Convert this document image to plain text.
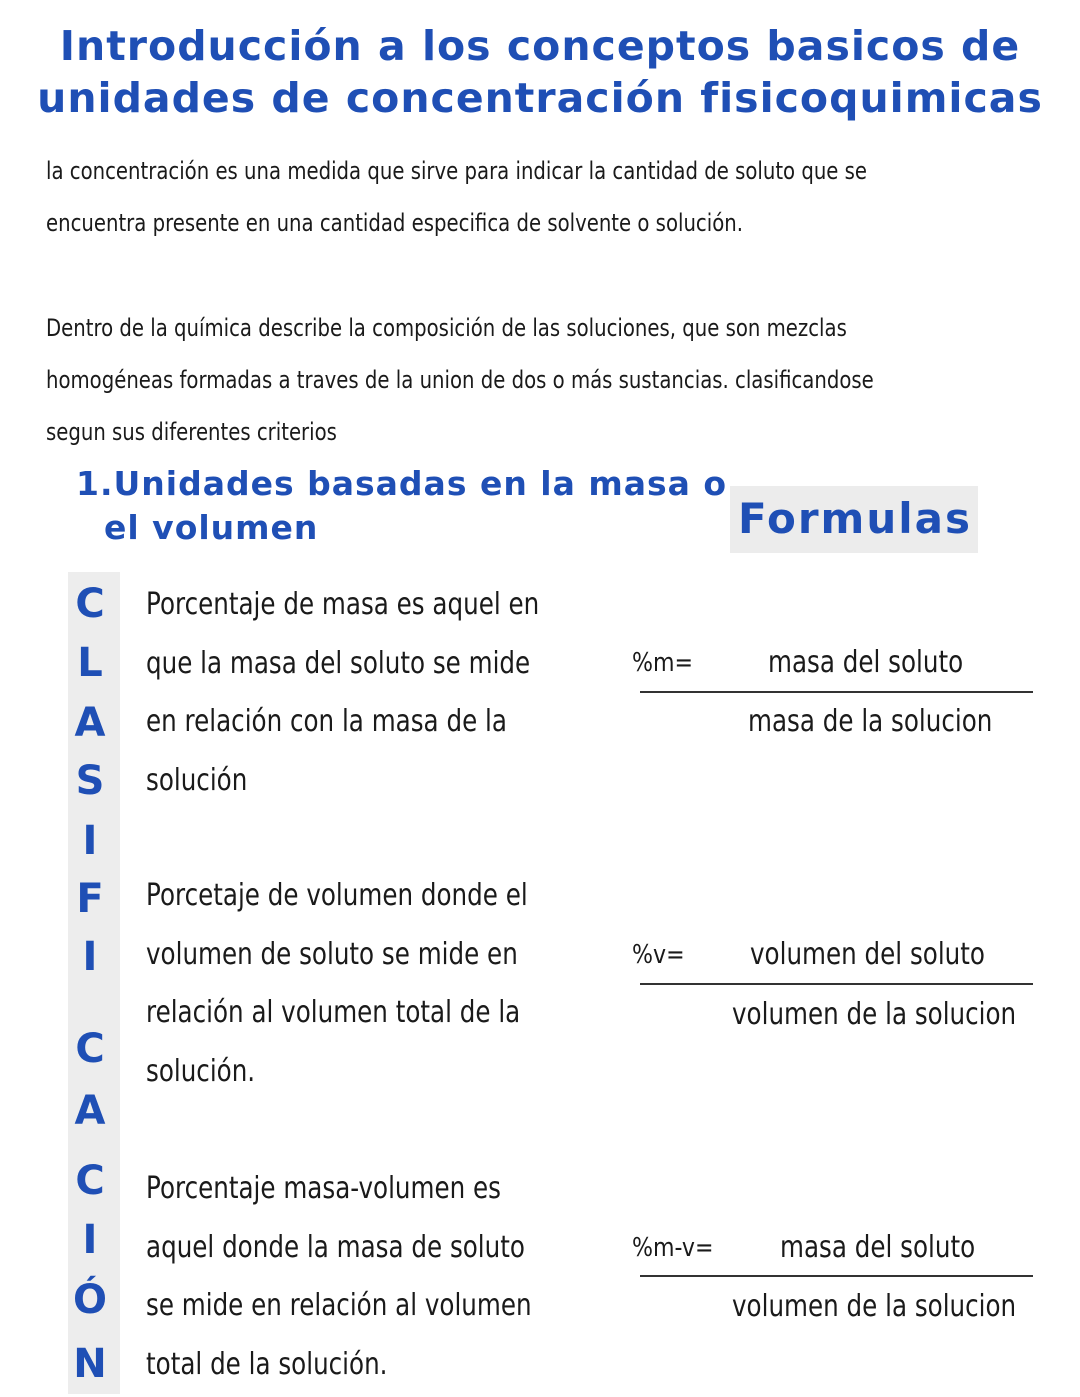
Introducción a los conceptos basicos de
unidades de concentración fisicoquimicas
la concentración es una medida que sirve para indicar la cantidad de soluto que se
encuentra presente en una cantidad especifica de solvente o solución.
Dentro de la química describe la composición de las soluciones, que son mezclas
homogéneas formadas a traves de la union de dos o más sustancias. clasificandose
segun sus diferentes criterios
1.Unidades basadas en la masa o
el volumen	Formulas
C
L
A
S
I
F
I
C
A
C
I
Ó
N
Porcentaje de masa es aquel en
que la masa del soluto se mide
en relación con la masa de la
solución
%m= masa del soluto
masa de la solucion
Porcetaje de volumen donde el
volumen de soluto se mide en
relación al volumen total de la
solución.
%v= volumen del soluto
volumen de la solucion
Porcentaje masa-volumen es
aquel donde la masa de soluto
se mide en relación al volumen
total de la solución.
%m-v= masa del soluto
volumen de la solucion
